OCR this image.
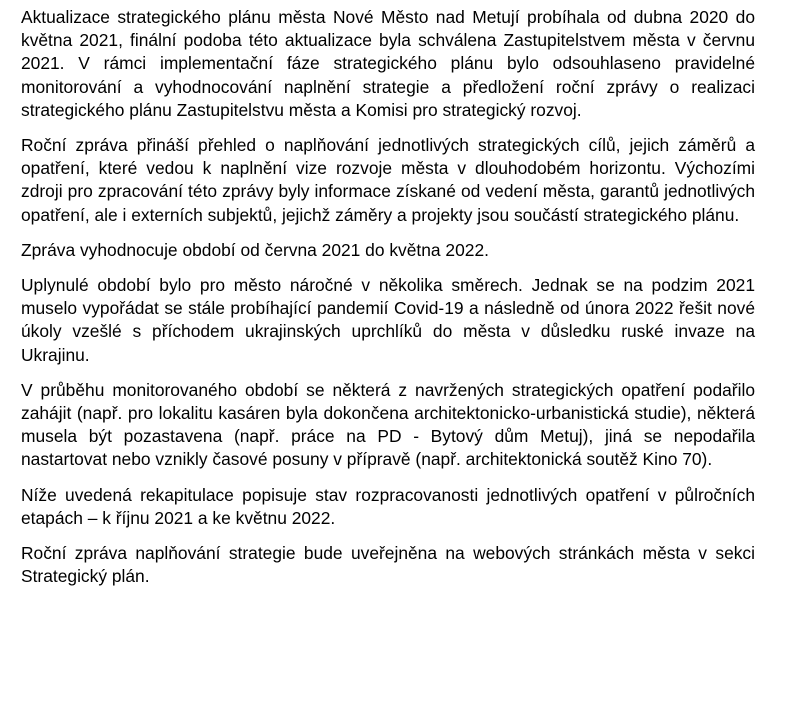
Aktualizace strategického plánu města Nové Město nad Metují probíhala od dubna 2020 do května 2021, finální podoba této aktualizace byla schválena Zastupitelstvem města v červnu 2021. V rámci implementační fáze strategického plánu bylo odsouhlaseno pravidelné monitorování a vyhodnocování naplnění strategie a předložení roční zprávy o realizaci strategického plánu Zastupitelstvu města a Komisi pro strategický rozvoj.

Roční zpráva přináší přehled o naplňování jednotlivých strategických cílů, jejich záměrů a opatření, které vedou k naplnění vize rozvoje města v dlouhodobém horizontu. Výchozími zdroji pro zpracování této zprávy byly informace získané od vedení města, garantů jednotlivých opatření, ale i externích subjektů, jejichž záměry a projekty jsou součástí strategického plánu.

Zpráva vyhodnocuje období od června 2021 do května 2022.

Uplynulé období bylo pro město náročné v několika směrech. Jednak se na podzim 2021 muselo vypořádat se stále probíhající pandemií Covid-19 a následně od února 2022 řešit nové úkoly vzešlé s příchodem ukrajinských uprchlíků do města v důsledku ruské invaze na Ukrajinu.

V průběhu monitorovaného období se některá z navržených strategických opatření podařilo zahájit (např. pro lokalitu kasáren byla dokončena architektonicko-urbanistická studie), některá musela být pozastavena (např. práce na PD - Bytový dům Metuj), jiná se nepodařila nastartovat nebo vznikly časové posuny v přípravě (např. architektonická soutěž Kino 70).

Níže uvedená rekapitulace popisuje stav rozpracovanosti jednotlivých opatření v půlročních etapách – k říjnu 2021 a ke květnu 2022.

Roční zpráva naplňování strategie bude uveřejněna na webových stránkách města v sekci Strategický plán.
